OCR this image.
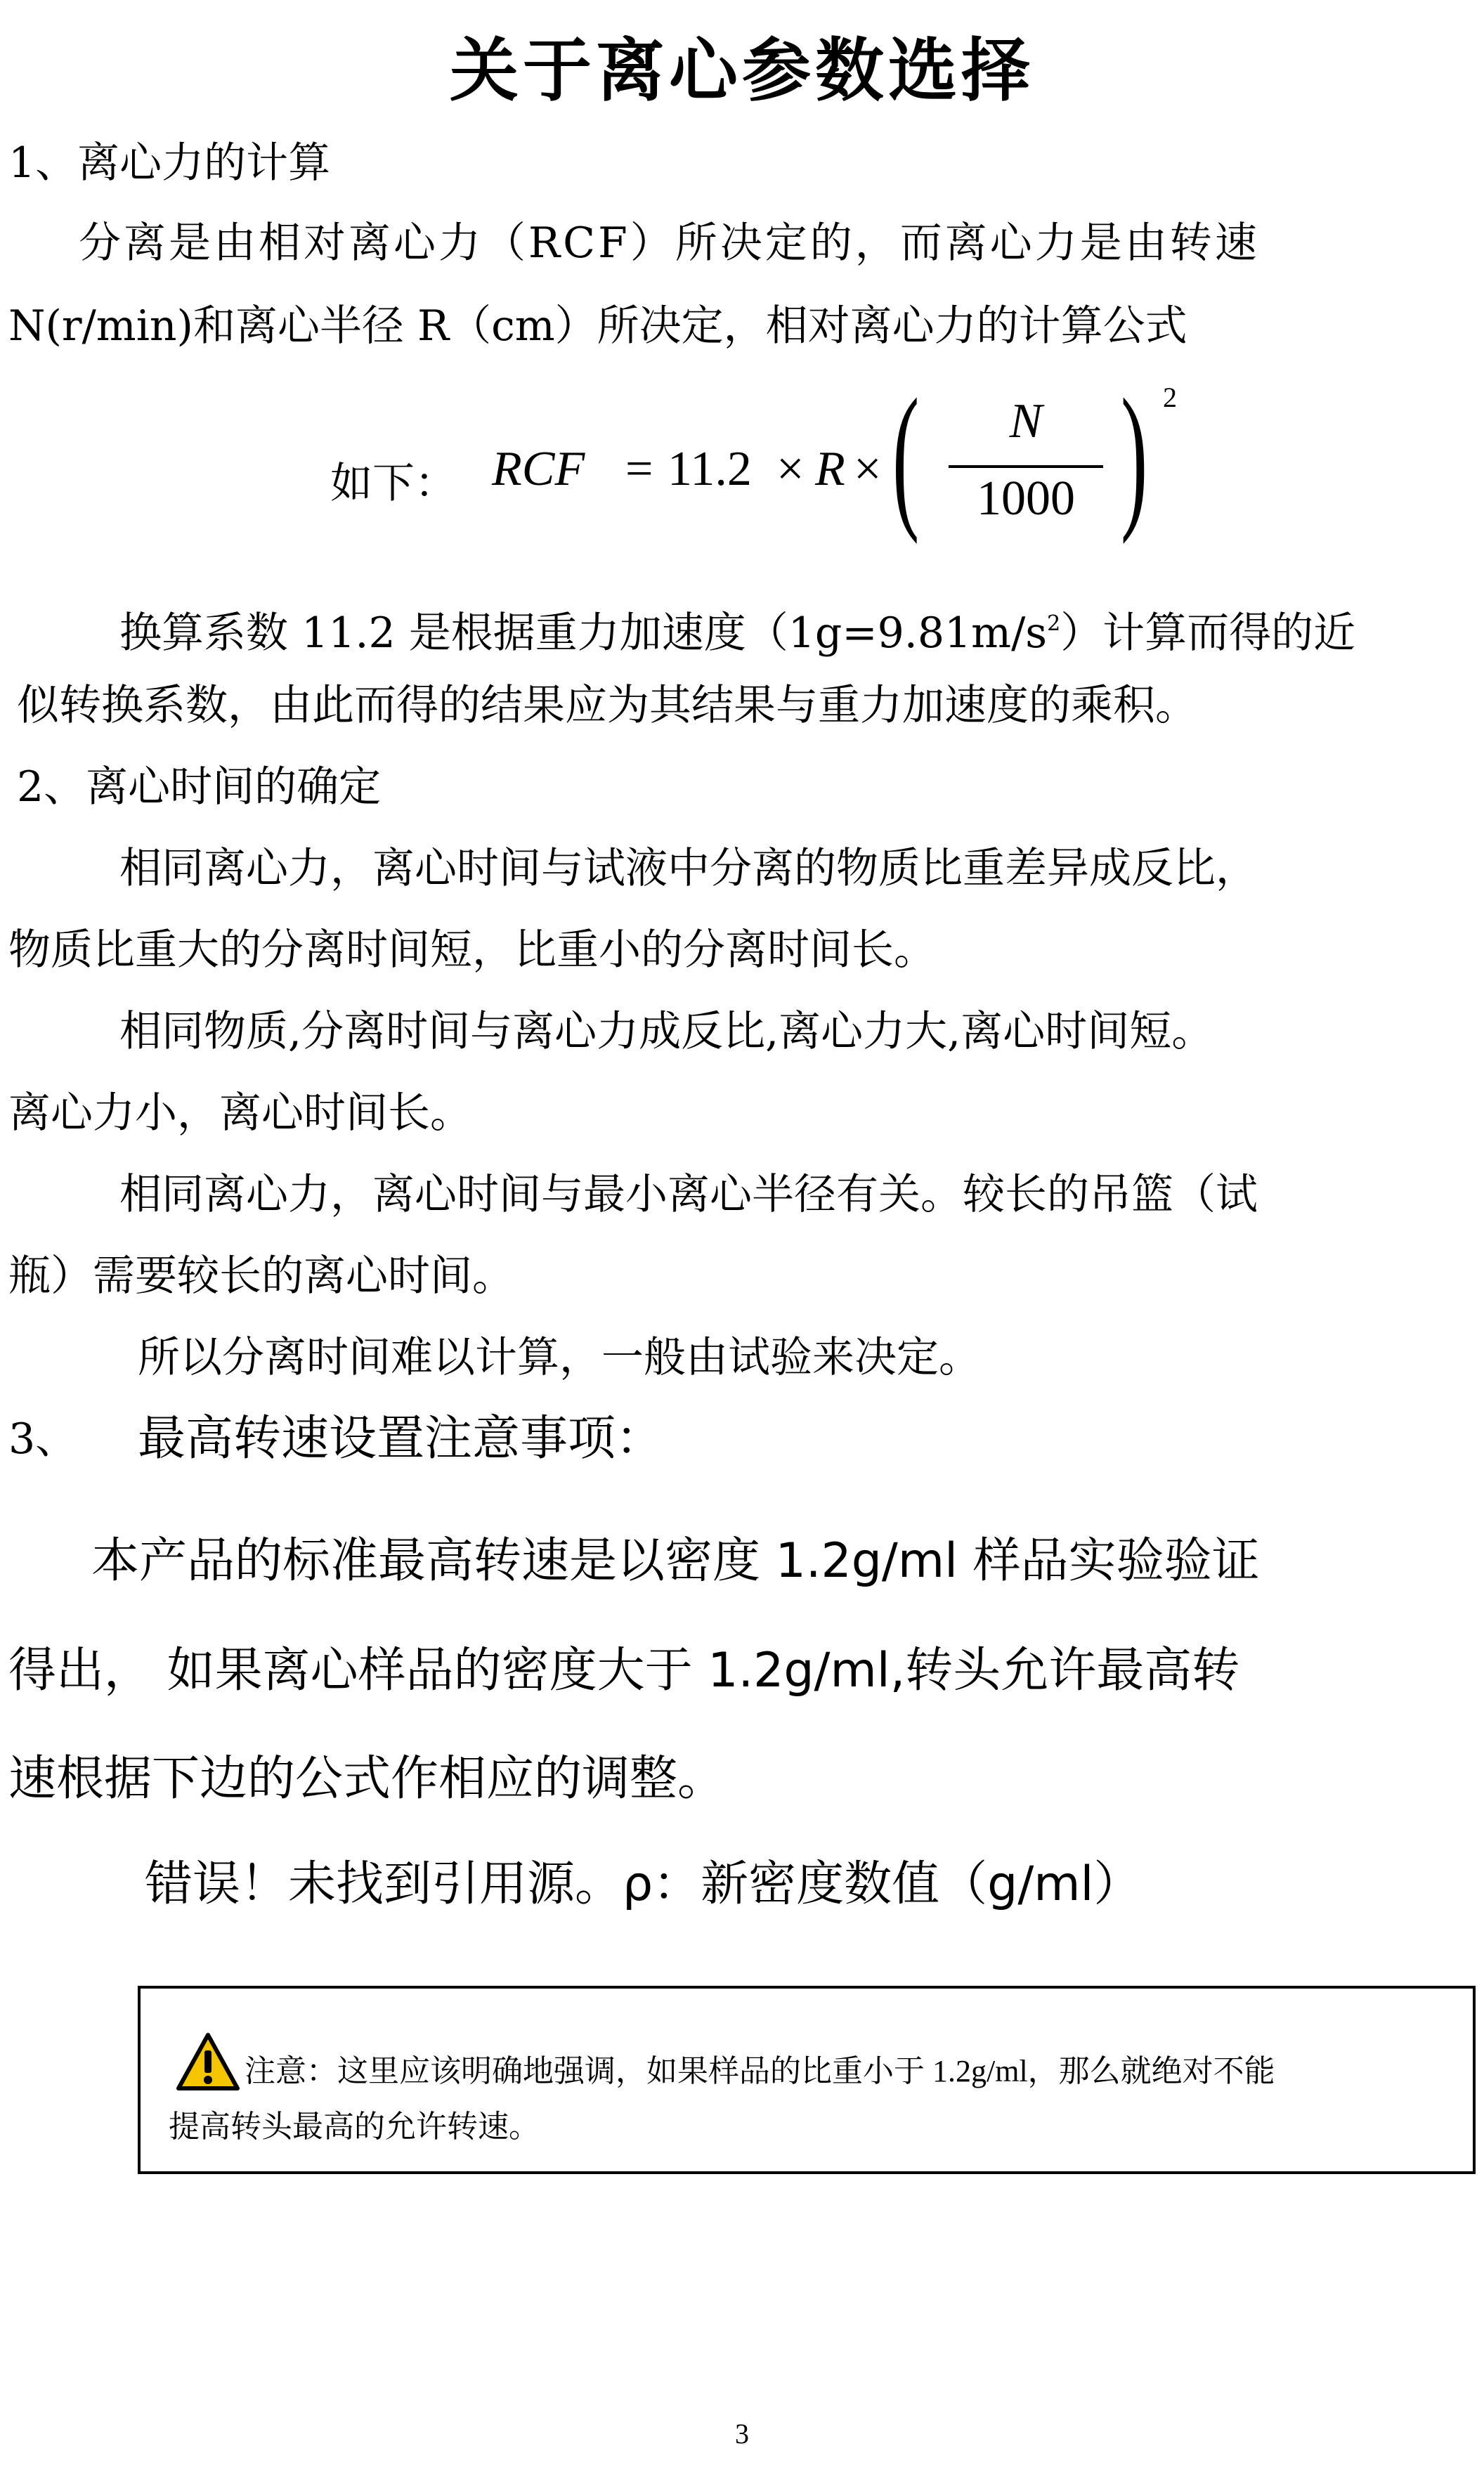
关于离心参数选择
1、离心力的计算
分离是由相对离心力（RCF）所决定的，而离心力是由转速
N(r/min)和离心半径 R（cm）所决定，相对离心力的计算公式
如下： RCF = 11.2 × R × (	N
1000 ) 2
换算系数 11.2 是根据重力加速度$(1g=9.81m/s^2)$计算而得的近
似转换系数，由此而得的结果应为其结果与重力加速度的乘积。
2、离心时间的确定
相同离心力，离心时间与试液中分离的物质比重差异成反比，
物质比重大的分离时间短，比重小的分离时间长。
相同物质,分离时间与离心力成反比,离心力大,离心时间短。
离心力小，离心时间长。
相同离心力，离心时间与最小离心半径有关。较长的吊篮（试
瓶）需要较长的离心时间。
所以分离时间难以计算，一般由试验来决定。
3、 最高转速设置注意事项：
本产品的标准最高转速是以密度 1.2g/ml 样品实验验证
得出， 如果离心样品的密度大于 1.2g/ml,转头允许最高转
速根据下边的公式作相应的调整。
错误！未找到引用源。ρ：新密度数值（g/ml）
注意：这里应该明确地强调，如果样品的比重小于 1.2g/ml，那么就绝对不能
提高转头最高的允许转速。
3
